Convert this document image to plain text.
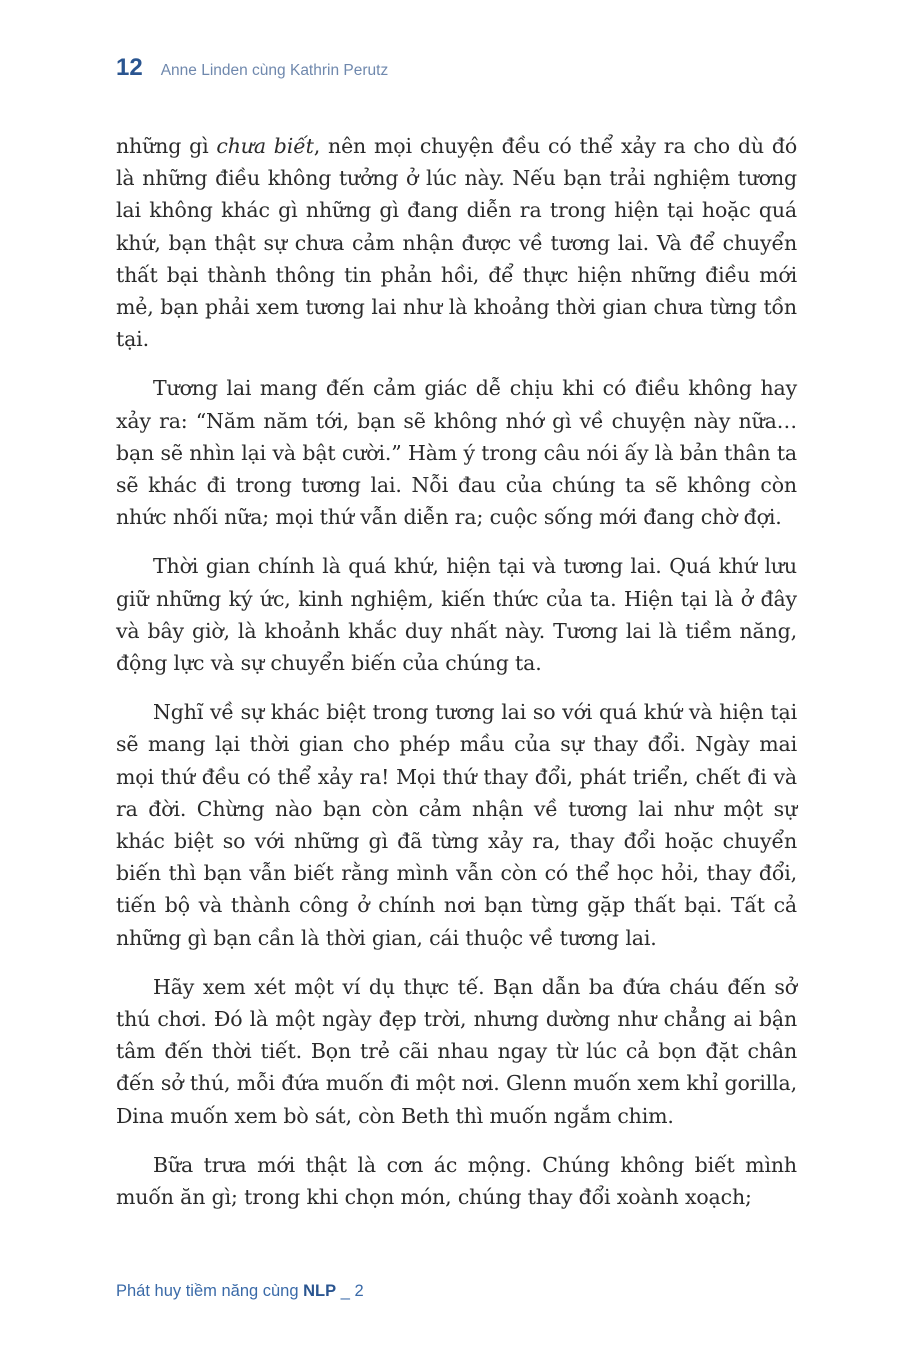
12 Anne Linden cùng Kathrin Perutz

những gì chưa biết, nên mọi chuyện đều có thể xảy ra cho dù đó là những điều không tưởng ở lúc này. Nếu bạn trải nghiệm tương lai không khác gì những gì đang diễn ra trong hiện tại hoặc quá khứ, bạn thật sự chưa cảm nhận được về tương lai. Và để chuyển thất bại thành thông tin phản hồi, để thực hiện những điều mới mẻ, bạn phải xem tương lai như là khoảng thời gian chưa từng tồn tại.

Tương lai mang đến cảm giác dễ chịu khi có điều không hay xảy ra: “Năm năm tới, bạn sẽ không nhớ gì về chuyện này nữa… bạn sẽ nhìn lại và bật cười.” Hàm ý trong câu nói ấy là bản thân ta sẽ khác đi trong tương lai. Nỗi đau của chúng ta sẽ không còn nhức nhối nữa; mọi thứ vẫn diễn ra; cuộc sống mới đang chờ đợi.

Thời gian chính là quá khứ, hiện tại và tương lai. Quá khứ lưu giữ những ký ức, kinh nghiệm, kiến thức của ta. Hiện tại là ở đây và bây giờ, là khoảnh khắc duy nhất này. Tương lai là tiềm năng, động lực và sự chuyển biến của chúng ta.

Nghĩ về sự khác biệt trong tương lai so với quá khứ và hiện tại sẽ mang lại thời gian cho phép mầu của sự thay đổi. Ngày mai mọi thứ đều có thể xảy ra! Mọi thứ thay đổi, phát triển, chết đi và ra đời. Chừng nào bạn còn cảm nhận về tương lai như một sự khác biệt so với những gì đã từng xảy ra, thay đổi hoặc chuyển biến thì bạn vẫn biết rằng mình vẫn còn có thể học hỏi, thay đổi, tiến bộ và thành công ở chính nơi bạn từng gặp thất bại. Tất cả những gì bạn cần là thời gian, cái thuộc về tương lai.

Hãy xem xét một ví dụ thực tế. Bạn dẫn ba đứa cháu đến sở thú chơi. Đó là một ngày đẹp trời, nhưng dường như chẳng ai bận tâm đến thời tiết. Bọn trẻ cãi nhau ngay từ lúc cả bọn đặt chân đến sở thú, mỗi đứa muốn đi một nơi. Glenn muốn xem khỉ gorilla, Dina muốn xem bò sát, còn Beth thì muốn ngắm chim.

Bữa trưa mới thật là cơn ác mộng. Chúng không biết mình muốn ăn gì; trong khi chọn món, chúng thay đổi xoành xoạch;

Phát huy tiềm năng cùng NLP _ 2
